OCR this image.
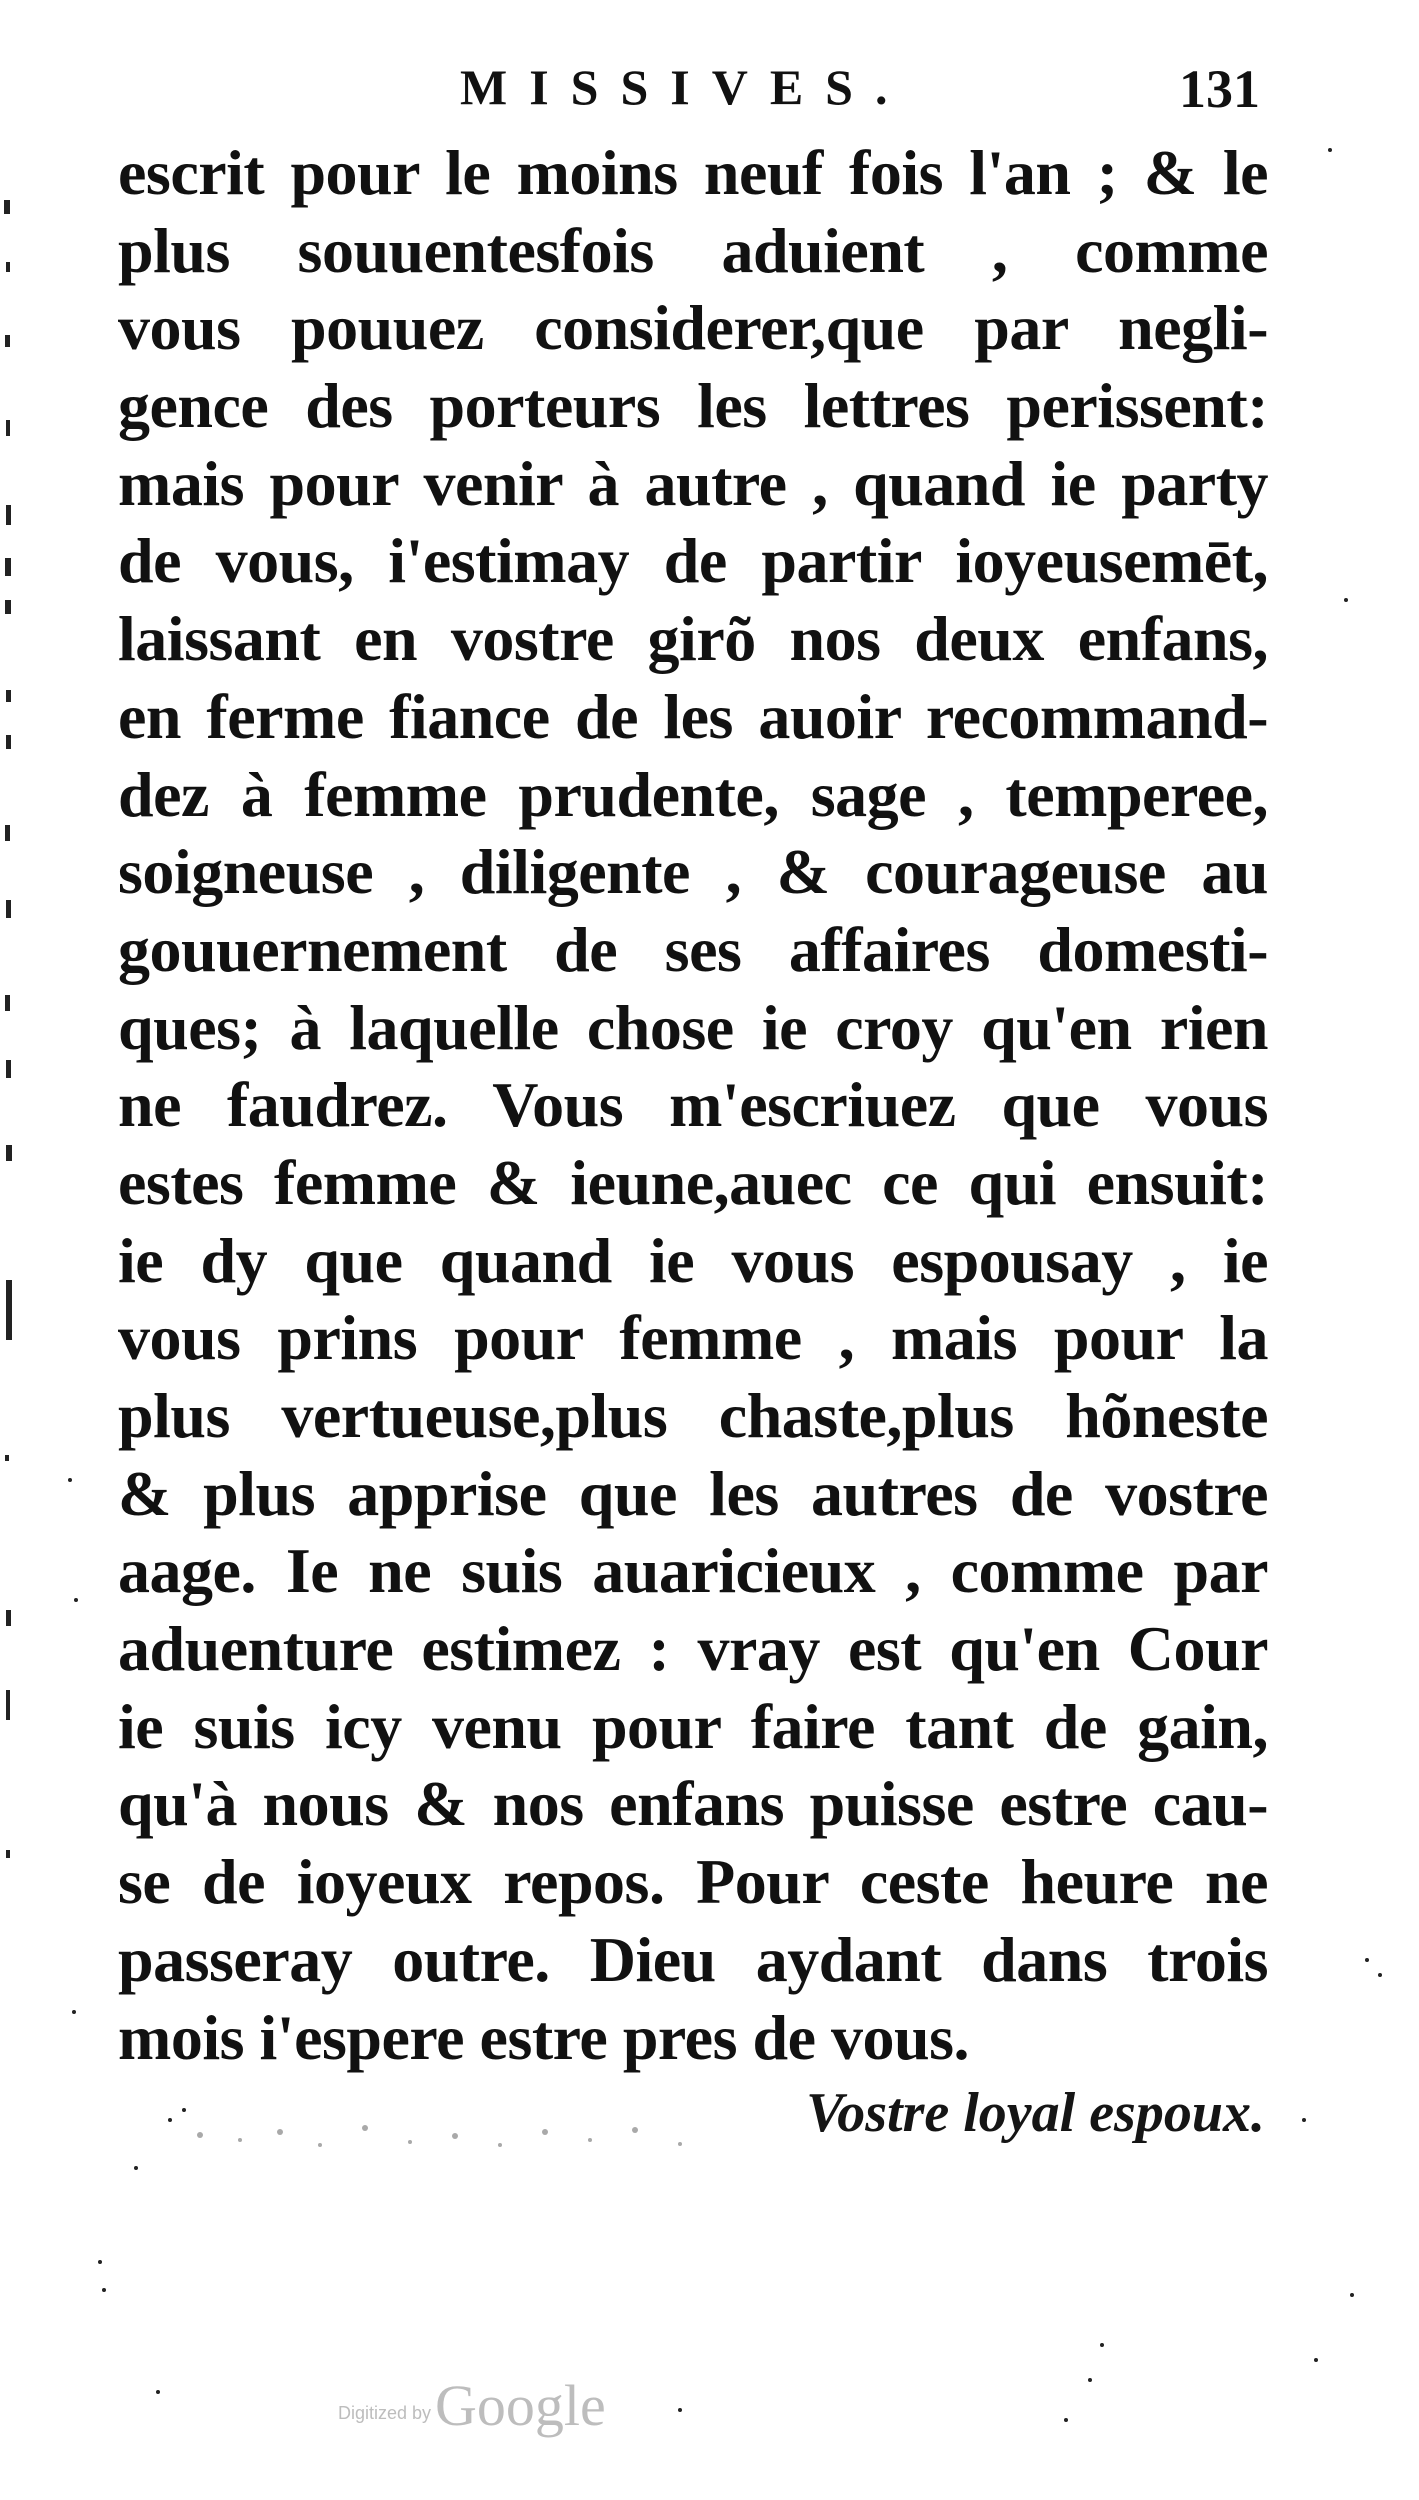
MISSIVES.	131
escrit pour le moins neuf fois l'an ; & le
plus souuentesfois aduient , comme
vous pouuez considerer,que par negli-
gence des porteurs les lettres perissent:
mais pour venir à autre , quand ie party
de vous, i'estimay de partir ioyeusemēt,
laissant en vostre girõ nos deux enfans,
en ferme fiance de les auoir recommand-
dez à femme prudente, sage , temperee,
soigneuse , diligente , & courageuse au
gouuernement de ses affaires domesti-
ques; à laquelle chose ie croy qu'en rien
ne faudrez. Vous m'escriuez que vous
estes femme & ieune,auec ce qui ensuit:
ie dy que quand ie vous espousay , ie
vous prins pour femme , mais pour la
plus vertueuse,plus chaste,plus hõneste
& plus apprise que les autres de vostre
aage. Ie ne suis auaricieux , comme par
aduenture estimez : vray est qu'en Cour
ie suis icy venu pour faire tant de gain,
qu'à nous & nos enfans puisse estre cau-
se de ioyeux repos. Pour ceste heure ne
passeray outre. Dieu aydant dans trois
mois i'espere estre pres de vous.
Vostre loyal espoux.
Digitized byGoogle
